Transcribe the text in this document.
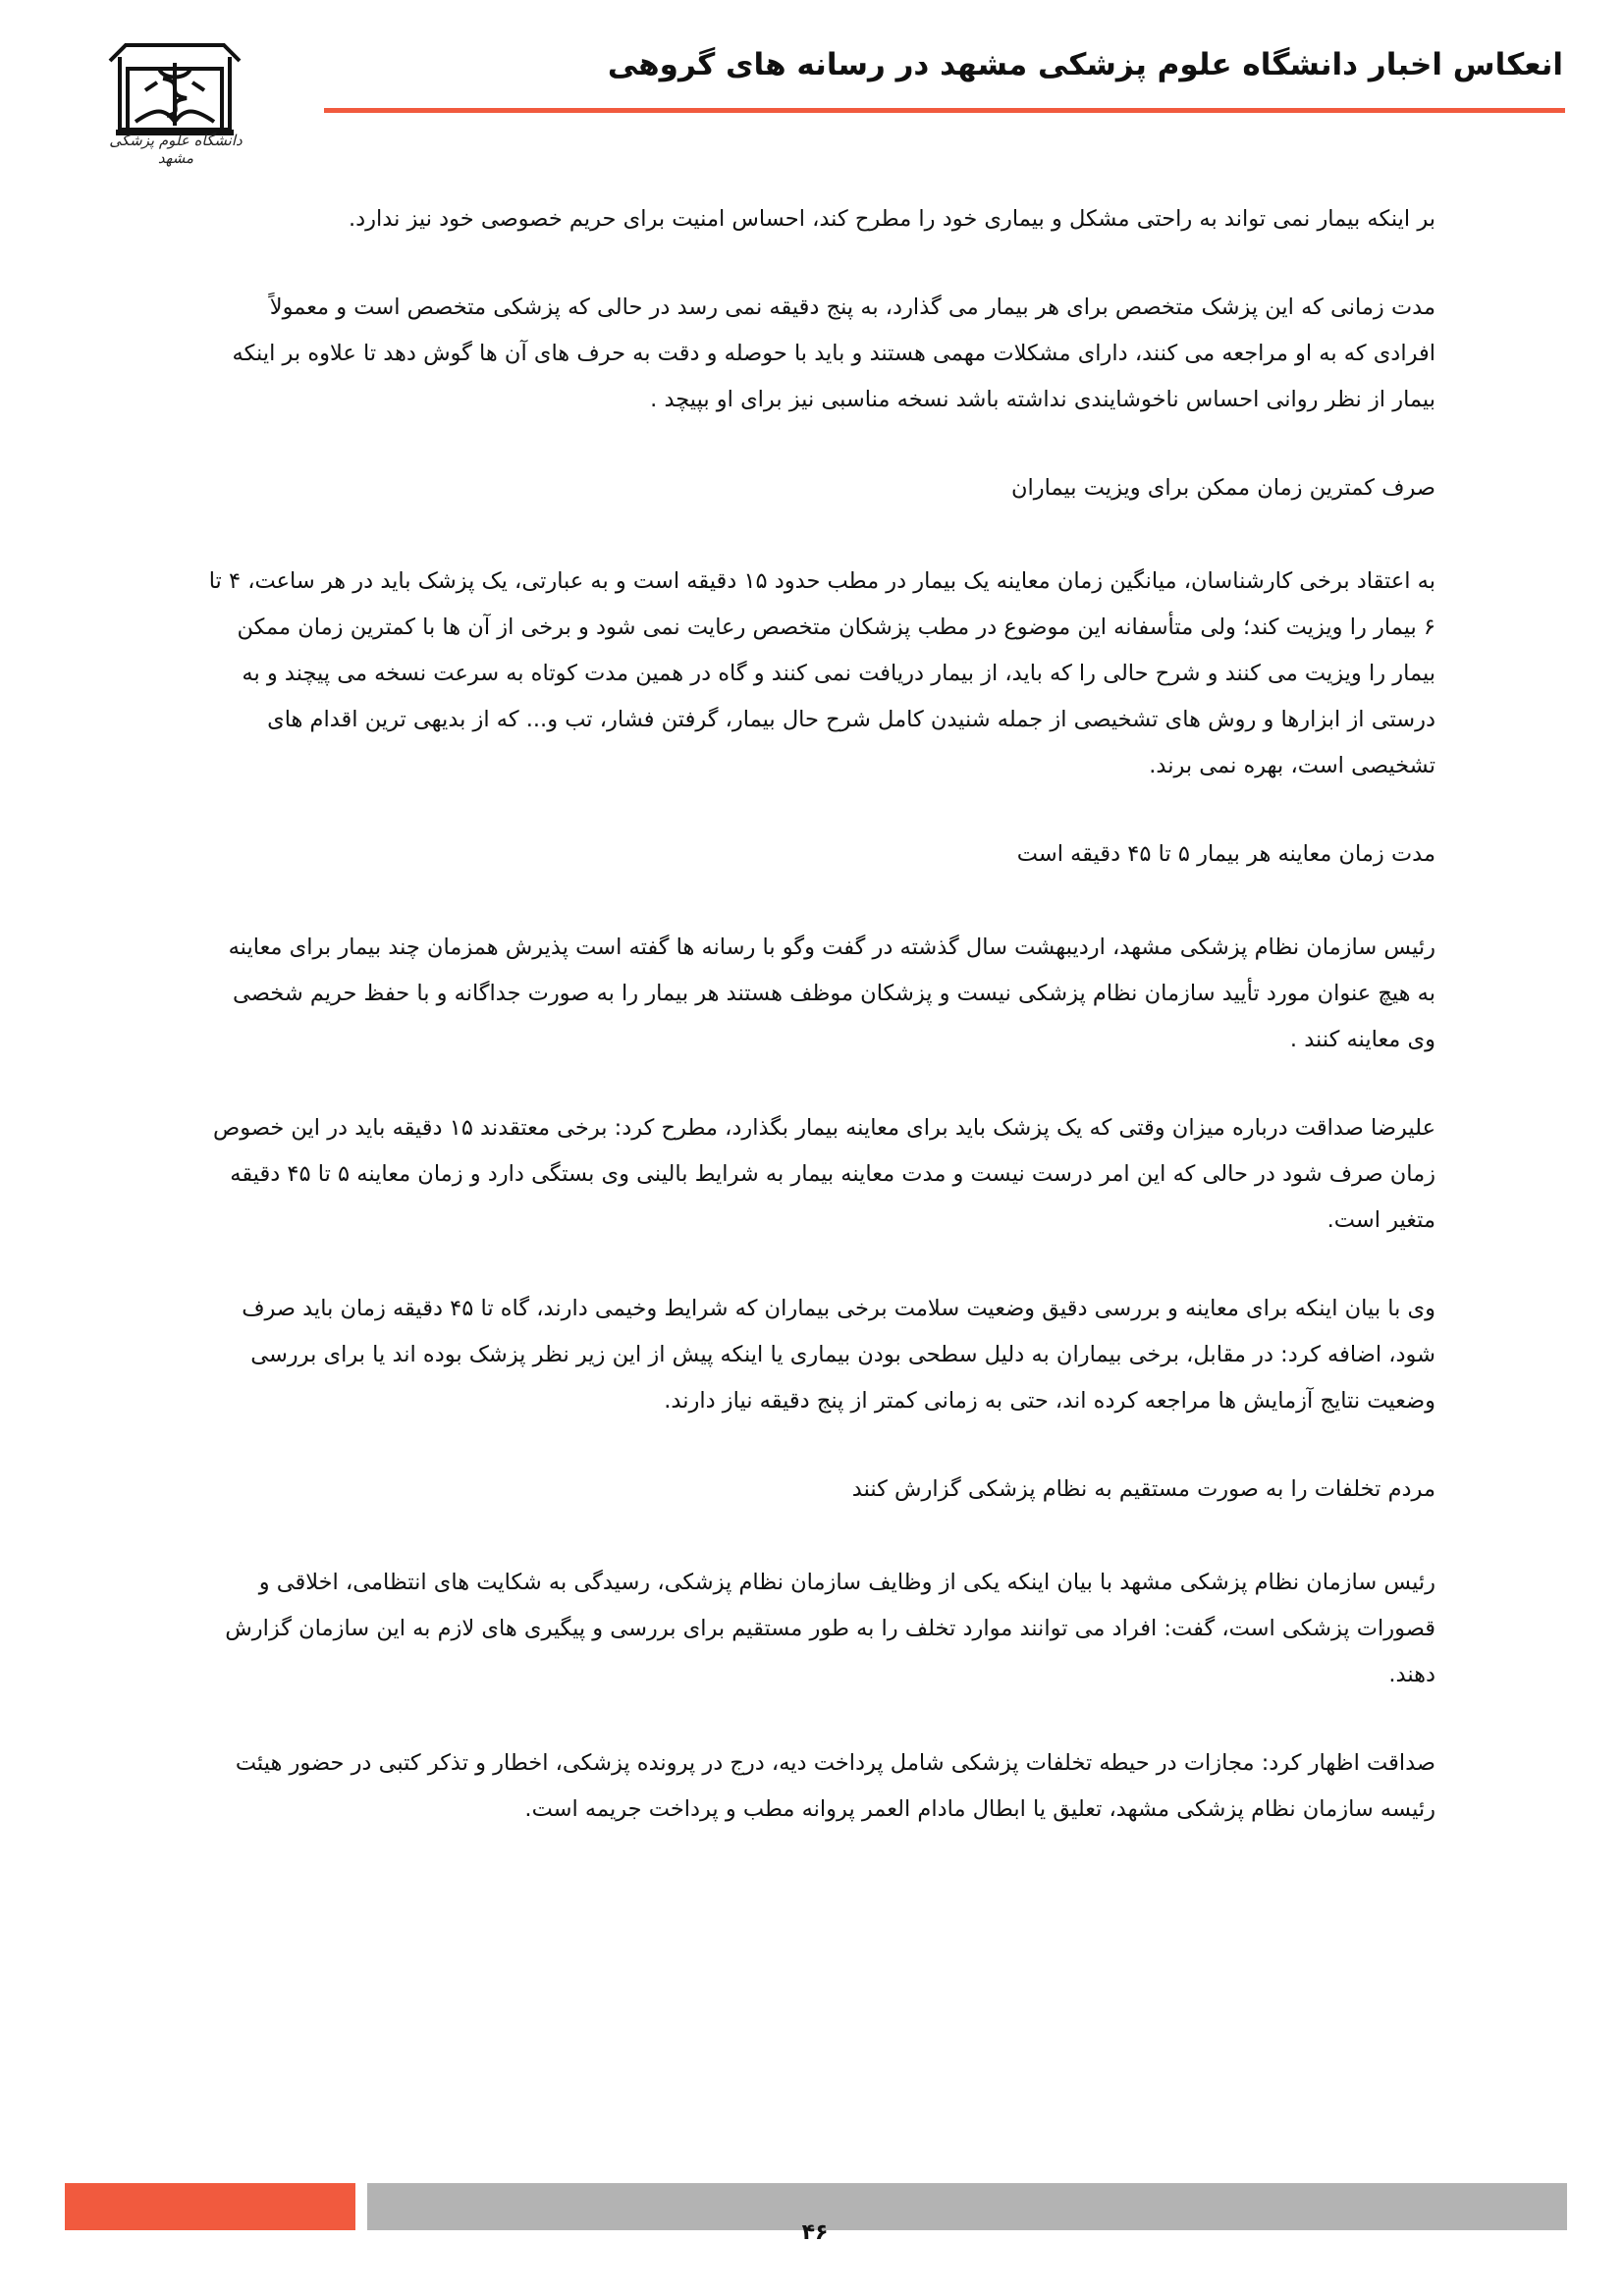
انعکاس اخبار دانشگاه علوم پزشکی مشهد در رسانه های گروهی
دانشگاه علوم پزشکی مشهد

بر اینکه بیمار نمی تواند به راحتی مشکل و بیماری خود را مطرح کند، احساس امنیت برای حریم خصوصی خود نیز ندارد.

مدت زمانی که این پزشک متخصص برای هر بیمار می گذارد، به پنج دقیقه نمی رسد در حالی که پزشکی متخصص است و معمولاً افرادی که به او مراجعه می کنند، دارای مشکلات مهمی هستند و باید با حوصله و دقت به حرف های آن ها گوش دهد تا علاوه بر اینکه بیمار از نظر روانی احساس ناخوشایندی نداشته باشد نسخه مناسبی نیز برای او بپیچد .

صرف کمترین زمان ممکن برای ویزیت بیماران

به اعتقاد برخی کارشناسان، میانگین زمان معاینه یک بیمار در مطب حدود ۱۵ دقیقه است و به عبارتی، یک پزشک باید در هر ساعت، ۴ تا ۶ بیمار را ویزیت کند؛ ولی متأسفانه این موضوع در مطب پزشکان متخصص رعایت نمی شود و برخی از آن ها با کمترین زمان ممکن بیمار را ویزیت می کنند و شرح حالی را که باید، از بیمار دریافت نمی کنند و گاه در همین مدت کوتاه به سرعت نسخه می پیچند و به درستی از ابزارها و روش های تشخیصی از جمله شنیدن کامل شرح حال بیمار، گرفتن فشار، تب و... که از بدیهی ترین اقدام های تشخیصی است، بهره نمی برند.

مدت زمان معاینه هر بیمار ۵ تا ۴۵ دقیقه است

رئیس سازمان نظام پزشکی مشهد، اردیبهشت سال گذشته در گفت وگو با رسانه ها گفته است پذیرش همزمان چند بیمار برای معاینه به هیچ عنوان مورد تأیید سازمان نظام پزشکی نیست و پزشکان موظف هستند هر بیمار را به صورت جداگانه و با حفظ حریم شخصی وی معاینه کنند .

علیرضا صداقت درباره میزان وقتی که یک پزشک باید برای معاینه بیمار بگذارد، مطرح کرد: برخی معتقدند ۱۵ دقیقه باید در این خصوص زمان صرف شود در حالی که این امر درست نیست و مدت معاینه بیمار به شرایط بالینی وی بستگی دارد و زمان معاینه ۵ تا ۴۵ دقیقه متغیر است.

وی با بیان اینکه برای معاینه و بررسی دقیق وضعیت سلامت برخی بیماران که شرایط وخیمی دارند، گاه تا ۴۵ دقیقه زمان باید صرف شود، اضافه کرد: در مقابل، برخی بیماران به دلیل سطحی بودن بیماری یا اینکه پیش از این زیر نظر پزشک بوده اند یا برای بررسی وضعیت نتایج آزمایش ها مراجعه کرده اند، حتی به زمانی کمتر از پنج دقیقه نیاز دارند.

مردم تخلفات را به صورت مستقیم به نظام پزشکی گزارش کنند

رئیس سازمان نظام پزشکی مشهد با بیان اینکه یکی از وظایف سازمان نظام پزشکی، رسیدگی به شکایت های انتظامی، اخلاقی و قصورات پزشکی است، گفت: افراد می توانند موارد تخلف را به طور مستقیم برای بررسی و پیگیری های لازم به این سازمان گزارش دهند.

صداقت اظهار کرد: مجازات در حیطه تخلفات پزشکی شامل پرداخت دیه، درج در پرونده پزشکی، اخطار و تذکر کتبی در حضور هیئت رئیسه سازمان نظام پزشکی مشهد، تعلیق یا ابطال مادام العمر پروانه مطب و پرداخت جریمه است.

۴۶
